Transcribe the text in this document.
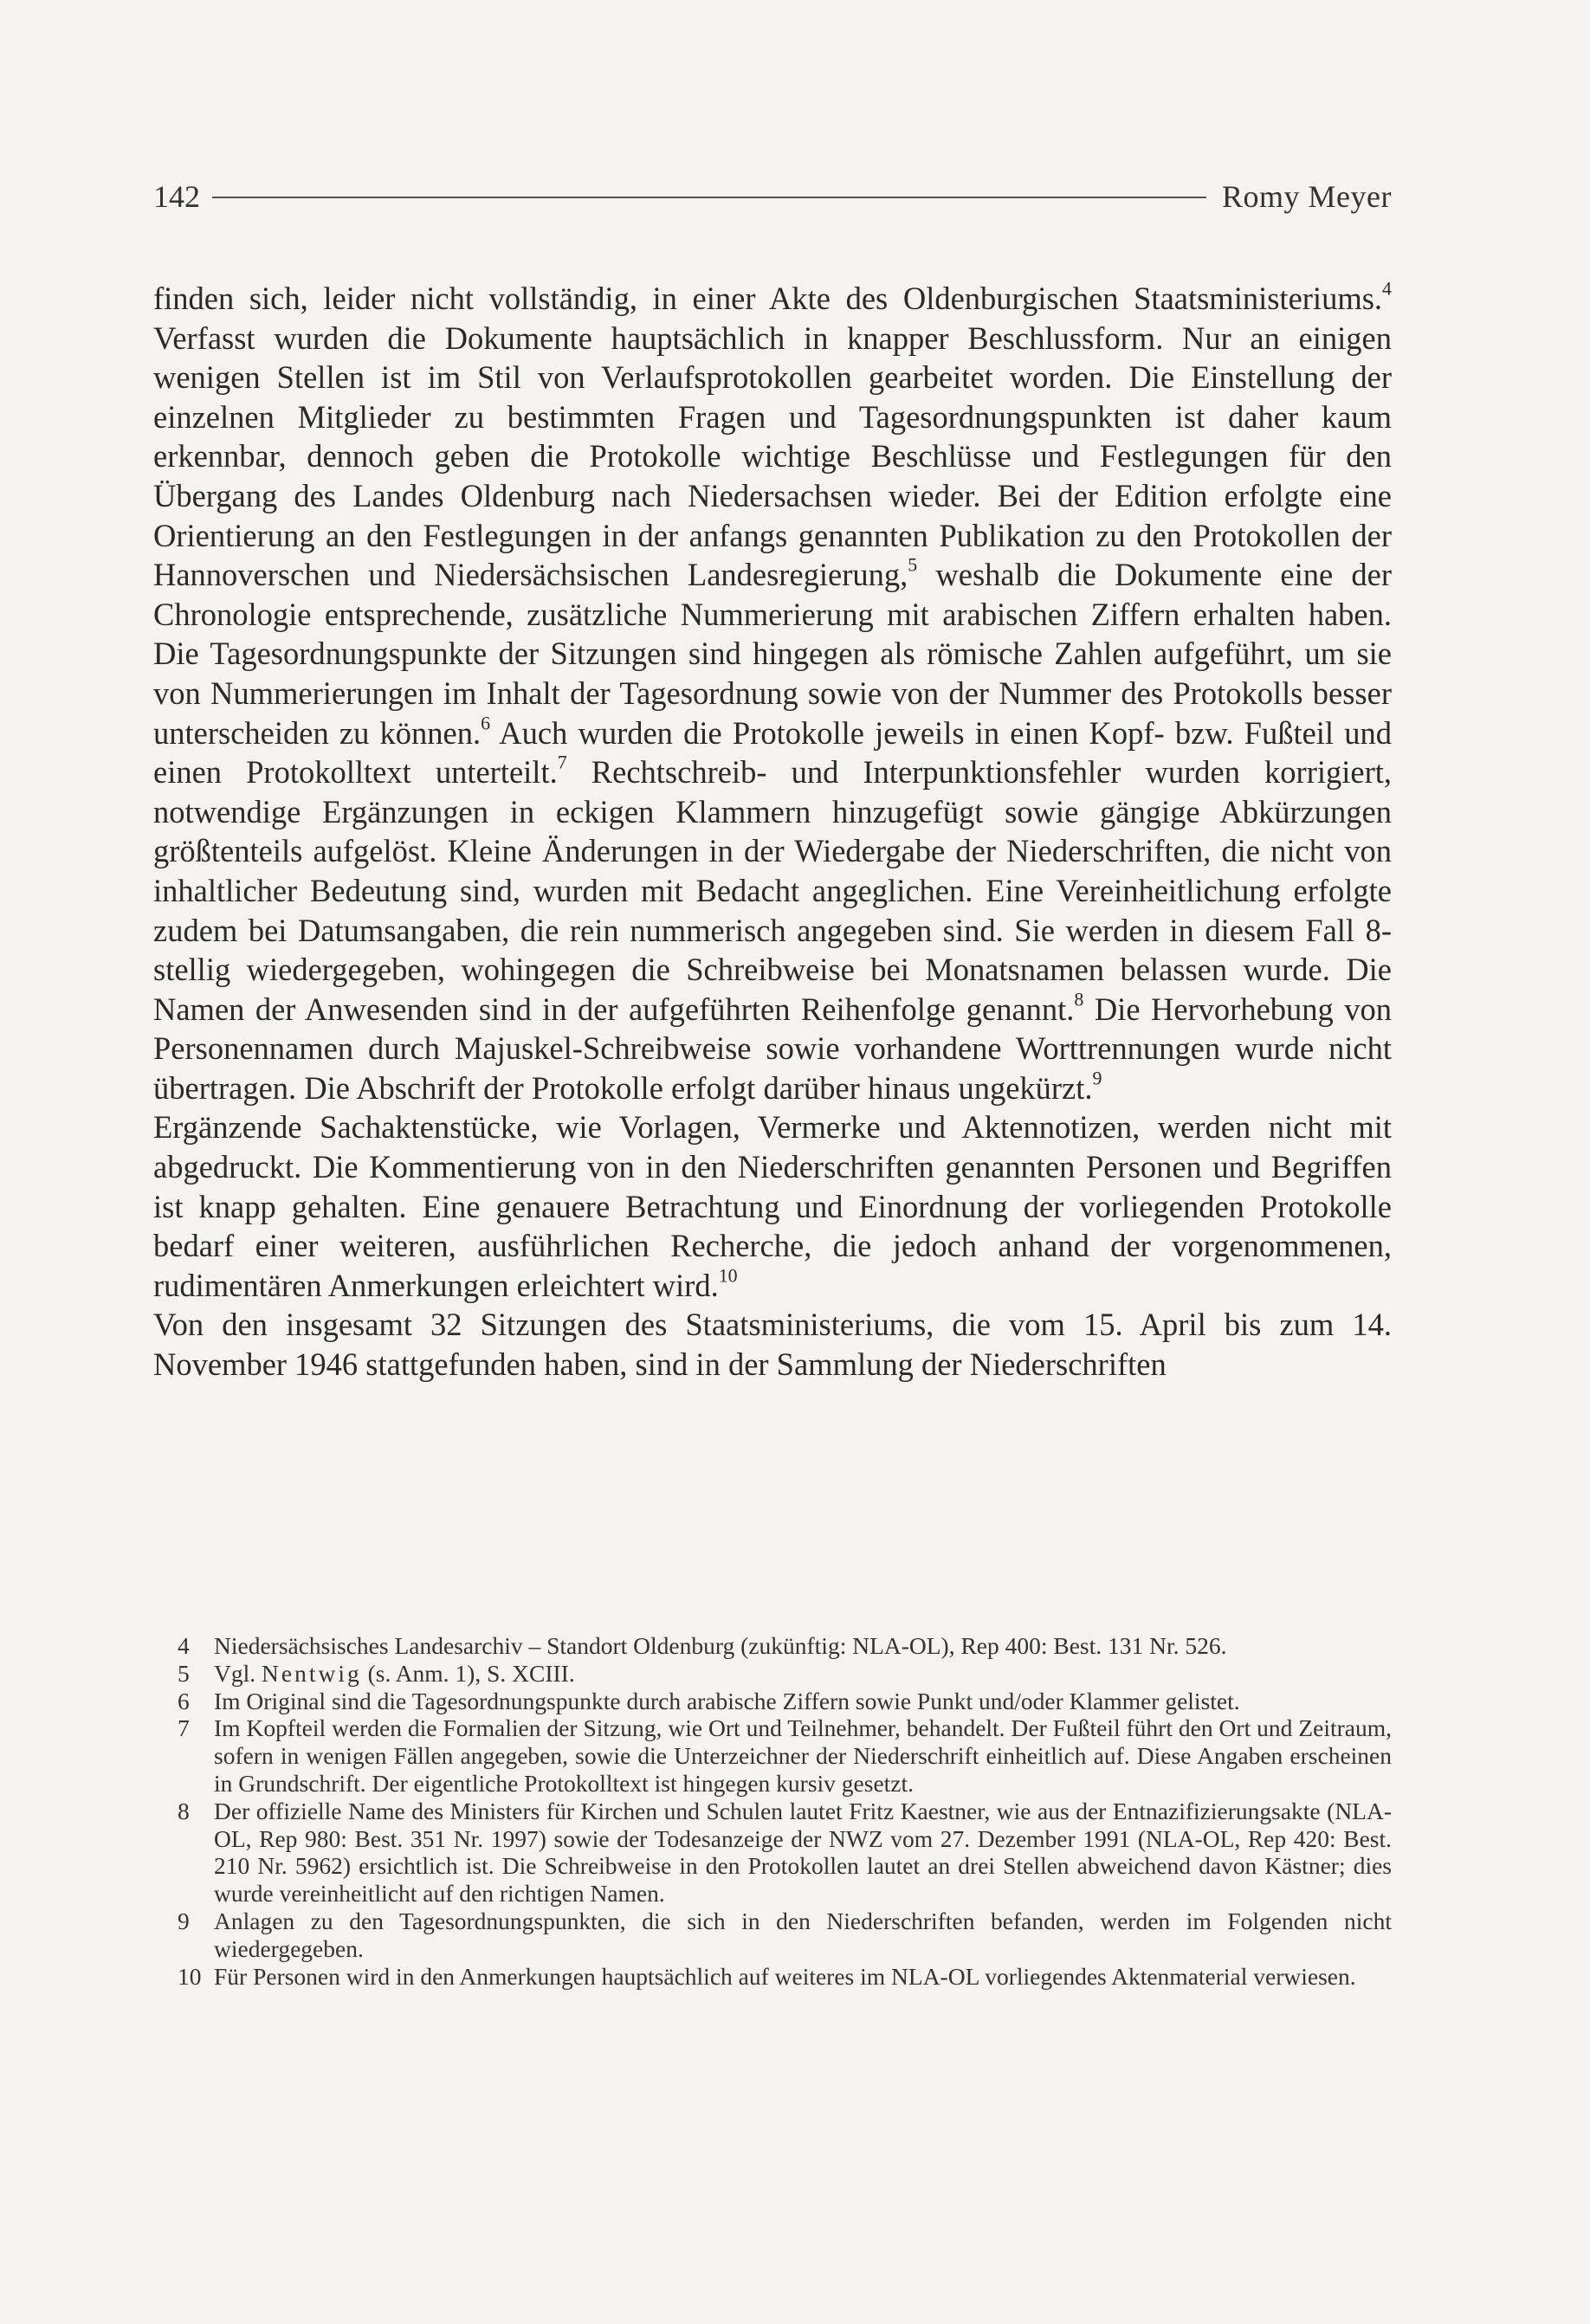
142	Romy Meyer

finden sich, leider nicht vollständig, in einer Akte des Oldenburgischen Staatsministeriums.$^4$ Verfasst wurden die Dokumente hauptsächlich in knapper Beschlussform. Nur an einigen wenigen Stellen ist im Stil von Verlaufsprotokollen gearbeitet worden. Die Einstellung der einzelnen Mitglieder zu bestimmten Fragen und Tagesordnungspunkten ist daher kaum erkennbar, dennoch geben die Protokolle wichtige Beschlüsse und Festlegungen für den Übergang des Landes Oldenburg nach Niedersachsen wieder. Bei der Edition erfolgte eine Orientierung an den Festlegungen in der anfangs genannten Publikation zu den Protokollen der Hannoverschen und Niedersächsischen Landesregierung,$^5$ weshalb die Dokumente eine der Chronologie entsprechende, zusätzliche Nummerierung mit arabischen Ziffern erhalten haben. Die Tagesordnungspunkte der Sitzungen sind hingegen als römische Zahlen aufgeführt, um sie von Nummerierungen im Inhalt der Tagesordnung sowie von der Nummer des Protokolls besser unterscheiden zu können.$^6$ Auch wurden die Protokolle jeweils in einen Kopf- bzw. Fußteil und einen Protokolltext unterteilt.$^7$ Rechtschreib- und Interpunktionsfehler wurden korrigiert, notwendige Ergänzungen in eckigen Klammern hinzugefügt sowie gängige Abkürzungen größtenteils aufgelöst. Kleine Änderungen in der Wiedergabe der Niederschriften, die nicht von inhaltlicher Bedeutung sind, wurden mit Bedacht angeglichen. Eine Vereinheitlichung erfolgte zudem bei Datumsangaben, die rein nummerisch angegeben sind. Sie werden in diesem Fall 8-stellig wiedergegeben, wohingegen die Schreibweise bei Monatsnamen belassen wurde. Die Namen der Anwesenden sind in der aufgeführten Reihenfolge genannt.$^8$ Die Hervorhebung von Personennamen durch Majuskel-Schreibweise sowie vorhandene Worttrennungen wurde nicht übertragen. Die Abschrift der Protokolle erfolgt darüber hinaus ungekürzt.$^9$

Ergänzende Sachaktenstücke, wie Vorlagen, Vermerke und Aktennotizen, werden nicht mit abgedruckt. Die Kommentierung von in den Niederschriften genannten Personen und Begriffen ist knapp gehalten. Eine genauere Betrachtung und Einordnung der vorliegenden Protokolle bedarf einer weiteren, ausführlichen Recherche, die jedoch anhand der vorgenommenen, rudimentären Anmerkungen erleichtert wird.$^{10}$

Von den insgesamt 32 Sitzungen des Staatsministeriums, die vom 15. April bis zum 14. November 1946 stattgefunden haben, sind in der Sammlung der Niederschriften

4	Niedersächsisches Landesarchiv – Standort Oldenburg (zukünftig: NLA-OL), Rep 400: Best. 131 Nr. 526.
5	Vgl. Nentwig (s. Anm. 1), S. XCIII.
6	Im Original sind die Tagesordnungspunkte durch arabische Ziffern sowie Punkt und/oder Klammer gelistet.
7	Im Kopfteil werden die Formalien der Sitzung, wie Ort und Teilnehmer, behandelt. Der Fußteil führt den Ort und Zeitraum, sofern in wenigen Fällen angegeben, sowie die Unterzeichner der Niederschrift einheitlich auf. Diese Angaben erscheinen in Grundschrift. Der eigentliche Protokolltext ist hingegen kursiv gesetzt.
8	Der offizielle Name des Ministers für Kirchen und Schulen lautet Fritz Kaestner, wie aus der Entnazifizierungsakte (NLA-OL, Rep 980: Best. 351 Nr. 1997) sowie der Todesanzeige der NWZ vom 27. Dezember 1991 (NLA-OL, Rep 420: Best. 210 Nr. 5962) ersichtlich ist. Die Schreibweise in den Protokollen lautet an drei Stellen abweichend davon Kästner; dies wurde vereinheitlicht auf den richtigen Namen.
9	Anlagen zu den Tagesordnungspunkten, die sich in den Niederschriften befanden, werden im Folgenden nicht wiedergegeben.
10 Für Personen wird in den Anmerkungen hauptsächlich auf weiteres im NLA-OL vorliegendes Aktenmaterial verwiesen.
